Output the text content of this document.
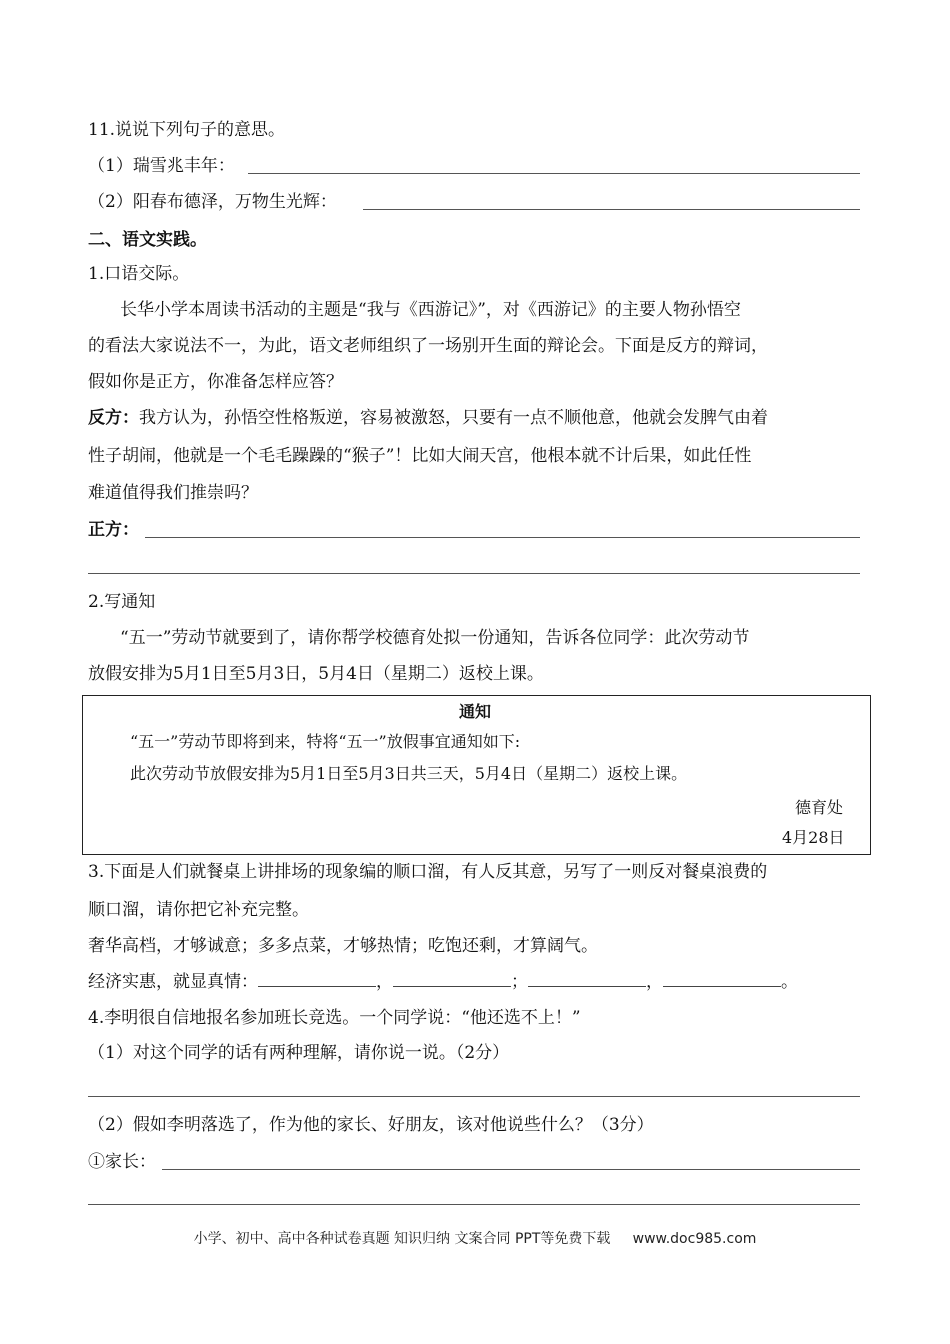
11.说说下列句子的意思。
（1）瑞雪兆丰年：
（2）阳春布德泽，万物生光辉：
二、语文实践。
1.口语交际。
长华小学本周读书活动的主题是“我与《西游记》”，对《西游记》的主要人物孙悟空
的看法大家说法不一，为此，语文老师组织了一场别开生面的辩论会。下面是反方的辩词，
假如你是正方，你准备怎样应答？
反方：我方认为，孙悟空性格叛逆，容易被激怒，只要有一点不顺他意，他就会发脾气由着
性子胡闹，他就是一个毛毛躁躁的“猴子”！比如大闹天宫，他根本就不计后果，如此任性
难道值得我们推崇吗？
正方：
2.写通知
“五一”劳动节就要到了，请你帮学校德育处拟一份通知，告诉各位同学：此次劳动节
放假安排为5月1日至5月3日，5月4日（星期二）返校上课。
通知
“五一”劳动节即将到来，特将“五一”放假事宜通知如下:
此次劳动节放假安排为5月1日至5月3日共三天，5月4日（星期二）返校上课。
德育处
4月28日
3.下面是人们就餐桌上讲排场的现象编的顺口溜，有人反其意，另写了一则反对餐桌浪费的
顺口溜，请你把它补充完整。
奢华高档，才够诚意；多多点菜，才够热情；吃饱还剩，才算阔气。
经济实惠，就显真情：	，	；	，	。
4.李明很自信地报名参加班长竞选。一个同学说：“他还选不上！”
（1）对这个同学的话有两种理解，请你说一说。（2分）
（2）假如李明落选了，作为他的家长、好朋友，该对他说些什么？（3分）
①家长：
小学、初中、高中各种试卷真题 知识归纳 文案合同 PPT等免费下载 www.doc985.com
